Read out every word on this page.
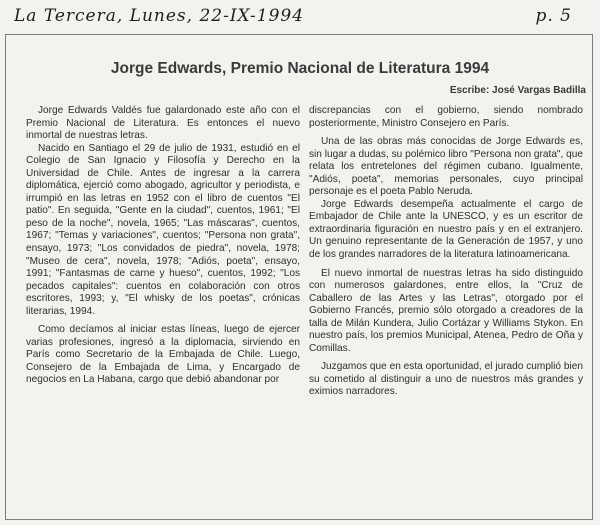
La Tercera, Lunes, 22-IX-1994	p. 5
Jorge Edwards, Premio Nacional de Literatura 1994
Escribe: José Vargas Badilla

Jorge Edwards Valdés fue galardonado este año con el Premio Nacional de Literatura. Es entonces el nuevo inmortal de nuestras letras.

Nacido en Santiago el 29 de julio de 1931, estudió en el Colegio de San Ignacio y Filosofía y Derecho en la Universidad de Chile. Antes de ingresar a la carrera diplomática, ejerció como abogado, agricultor y periodista, e irrumpió en las letras en 1952 con el libro de cuentos "El patio". En seguida, "Gente en la ciudad", cuentos, 1961; "El peso de la noche", novela, 1965; "Las máscaras", cuentos, 1967; "Temas y variaciones", cuentos; "Persona non grata", ensayo, 1973; "Los convidados de piedra", novela, 1978; "Museo de cera", novela, 1978; "Adiós, poeta", ensayo, 1991; "Fantasmas de carne y hueso", cuentos, 1992; "Los pecados capitales": cuentos en colaboración con otros escritores, 1993; y, "El whisky de los poetas", crónicas literarias, 1994.

Como decíamos al iniciar estas líneas, luego de ejercer varias profesiones, ingresó a la diplomacia, sirviendo en París como Secretario de la Embajada de Chile. Luego, Consejero de la Embajada de Lima, y Encargado de negocios en La Habana, cargo que debió abandonar por

discrepancias con el gobierno, siendo nombrado posteriormente, Ministro Consejero en París.

Una de las obras más conocidas de Jorge Edwards es, sin lugar a dudas, su polémico libro "Persona non grata", que relata los entretelones del régimen cubano. Igualmente, "Adiós, poeta", memorias personales, cuyo principal personaje es el poeta Pablo Neruda.

Jorge Edwards desempeña actualmente el cargo de Embajador de Chile ante la UNESCO, y es un escritor de extraordinaria figuración en nuestro país y en el extranjero. Un genuino representante de la Generación de 1957, y uno de los grandes narradores de la literatura latinoamericana.

El nuevo inmortal de nuestras letras ha sido distinguido con numerosos galardones, entre ellos, la "Cruz de Caballero de las Artes y las Letras", otorgado por el Gobierno Francés, premio sólo otorgado a creadores de la talla de Milán Kundera, Julio Cortázar y Williams Stykon. En nuestro país, los premios Municipal, Atenea, Pedro de Oña y Comillas.

Juzgamos que en esta oportunidad, el jurado cumplió bien su cometido al distinguir a uno de nuestros más grandes y eximios narradores.
